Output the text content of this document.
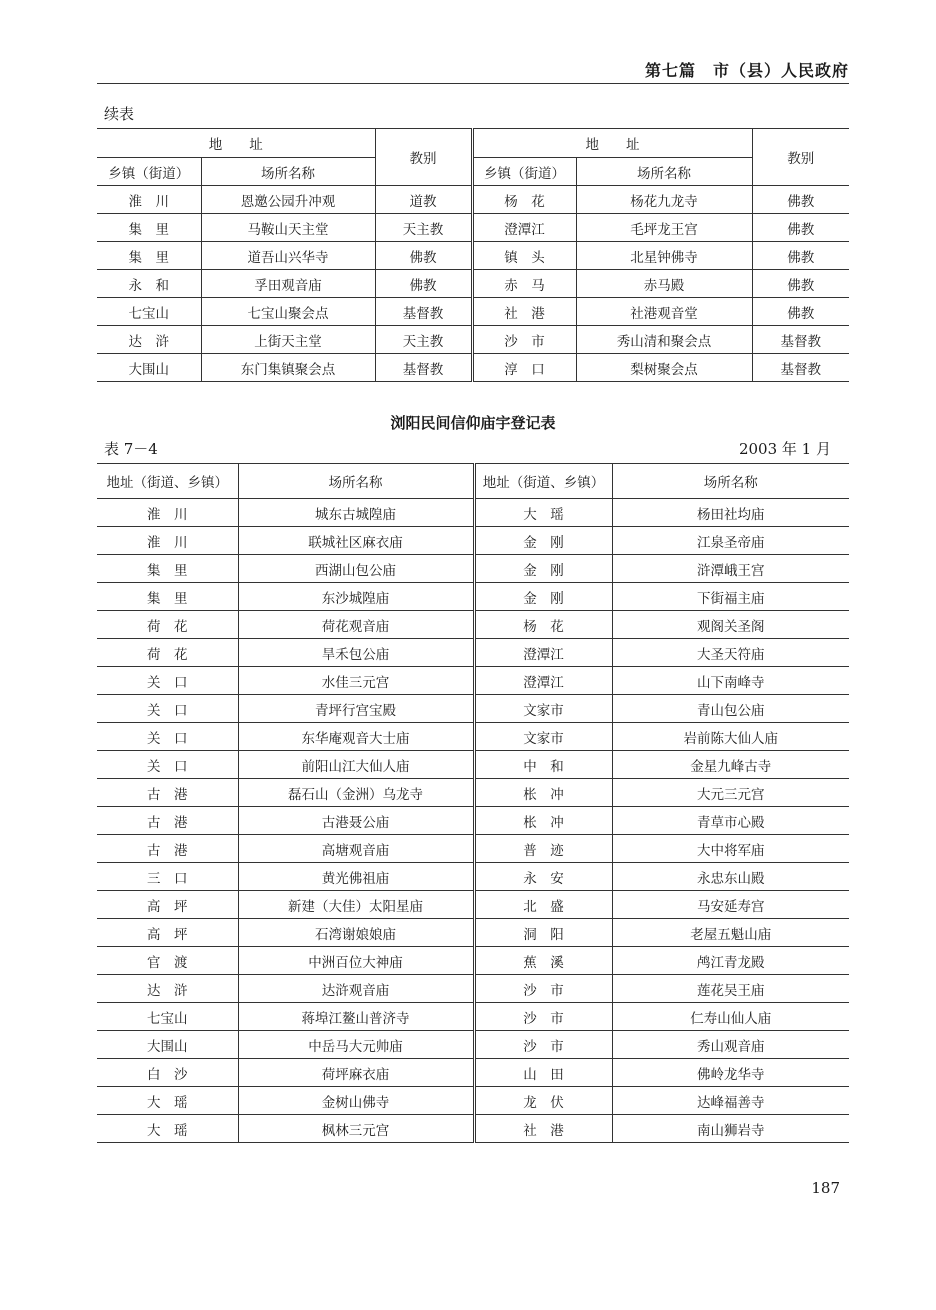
第七篇　市（县）人民政府
续表
地　　址		教别	地　　址		教别
乡镇（街道）	场所名称		乡镇（街道）	场所名称	
淮　川	恩邀公园升冲观	道教	杨　花	杨花九龙寺	佛教
集　里	马鞍山天主堂	天主教	澄潭江	毛坪龙王宫	佛教
集　里	道吾山兴华寺	佛教	镇　头	北星钟佛寺	佛教
永　和	孚田观音庙	佛教	赤　马	赤马殿	佛教
七宝山	七宝山聚会点	基督教	社　港	社港观音堂	佛教
达　浒	上街天主堂	天主教	沙　市	秀山清和聚会点	基督教
大围山	东门集镇聚会点	基督教	淳　口	梨树聚会点	基督教
浏阳民间信仰庙宇登记表
表 7－4	2003 年 1 月
地址（街道、乡镇）	场所名称	地址（街道、乡镇）	场所名称
淮　川	城东古城隍庙	大　瑶	杨田社均庙
淮　川	联城社区麻衣庙	金　刚	江泉圣帝庙
集　里	西湖山包公庙	金　刚	浒潭峨王宫
集　里	东沙城隍庙	金　刚	下街福主庙
荷　花	荷花观音庙	杨　花	观阁关圣阁
荷　花	旱禾包公庙	澄潭江	大圣天符庙
关　口	水佳三元宫	澄潭江	山下南峰寺
关　口	青坪行宫宝殿	文家市	青山包公庙
关　口	东华庵观音大士庙	文家市	岩前陈大仙人庙
关　口	前阳山江大仙人庙	中　和	金星九峰古寺
古　港	磊石山（金洲）乌龙寺	枨　冲	大元三元宫
古　港	古港聂公庙	枨　冲	青草市心殿
古　港	高塘观音庙	普　迹	大中将军庙
三　口	黄光佛祖庙	永　安	永忠东山殿
高　坪	新建（大佳）太阳星庙	北　盛	马安延寿宫
高　坪	石湾谢娘娘庙	洞　阳	老屋五魁山庙
官　渡	中洲百位大神庙	蕉　溪	鸬江青龙殿
达　浒	达浒观音庙	沙　市	莲花吴王庙
七宝山	蒋埠江鳌山普济寺	沙　市	仁寿山仙人庙
大围山	中岳马大元帅庙	沙　市	秀山观音庙
白　沙	荷坪麻衣庙	山　田	佛岭龙华寺
大　瑶	金树山佛寺	龙　伏	达峰福善寺
大　瑶	枫林三元宫	社　港	南山狮岩寺
187
